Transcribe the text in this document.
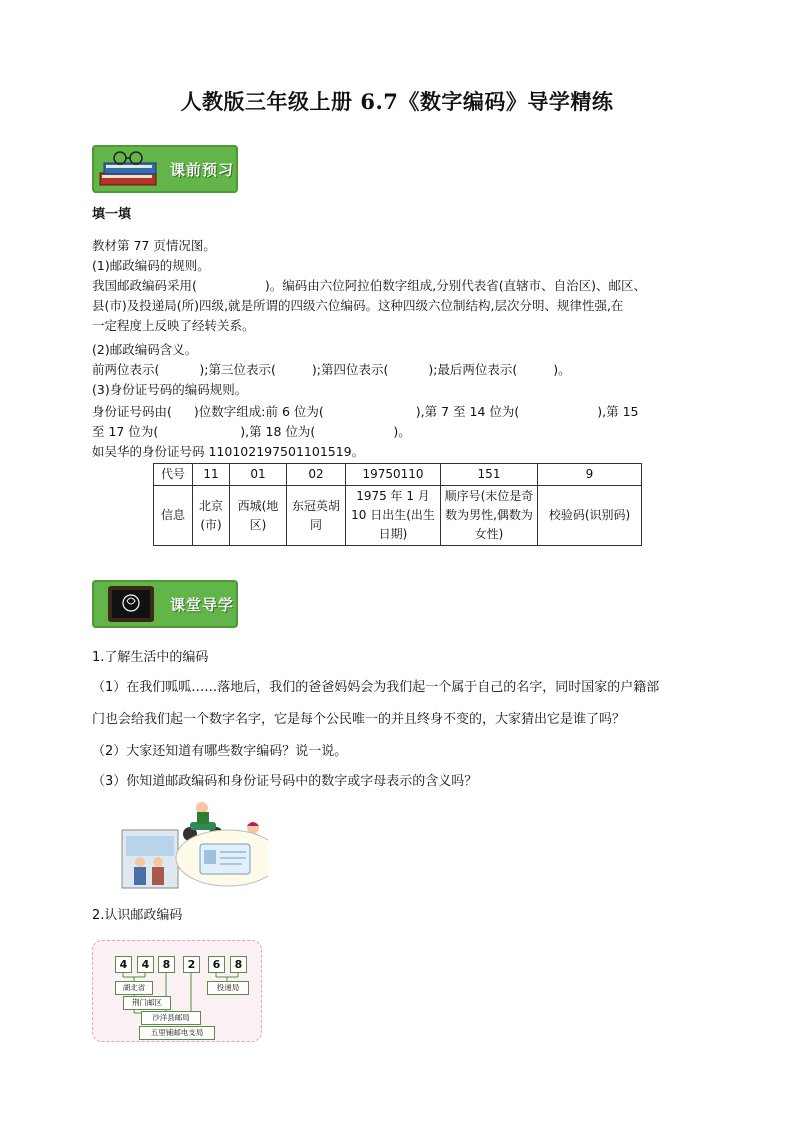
人教版三年级上册 6.7《数字编码》导学精练
课前预习
填一填
教材第 77 页情况图。
(1)邮政编码的规则。
我国邮政编码采用(	)。编码由六位阿拉伯数字组成,分别代表省(直辖市、自治区)、邮区、
县(市)及投递局(所)四级,就是所谓的四级六位编码。这种四级六位制结构,层次分明、规律性强,在
一定程度上反映了经转关系。
(2)邮政编码含义。
前两位表示(	);第三位表示(	);第四位表示(	);最后两位表示(	)。
(3)身份证号码的编码规则。
身份证号码由( )位数字组成:前 6 位为(	),第 7 至 14 位为(	),第 15
至 17 位为(	),第 18 位为(	)。
如吴华的身份证号码 110102197501101519。
代号	11	01	02	19750110	151	9
信息	北京(市)	西城(地区)	东冠英胡同	1975 年 1 月 10 日出生(出生日期)	顺序号(末位是奇数为男性,偶数为女性)	校验码(识别码)
课堂导学
1.了解生活中的编码
（1）在我们呱呱……落地后，我们的爸爸妈妈会为我们起一个属于自己的名字，同时国家的户籍部
门也会给我们起一个数字名字，它是每个公民唯一的并且终身不变的，大家猜出它是谁了吗？
（2）大家还知道有哪些数字编码？说一说。
（3）你知道邮政编码和身份证号码中的数字或字母表示的含义吗？
2.认识邮政编码
4	4	8	2	6	8
湖北省
荆门邮区
沙洋县邮局
五里铺邮电支局
投递局
